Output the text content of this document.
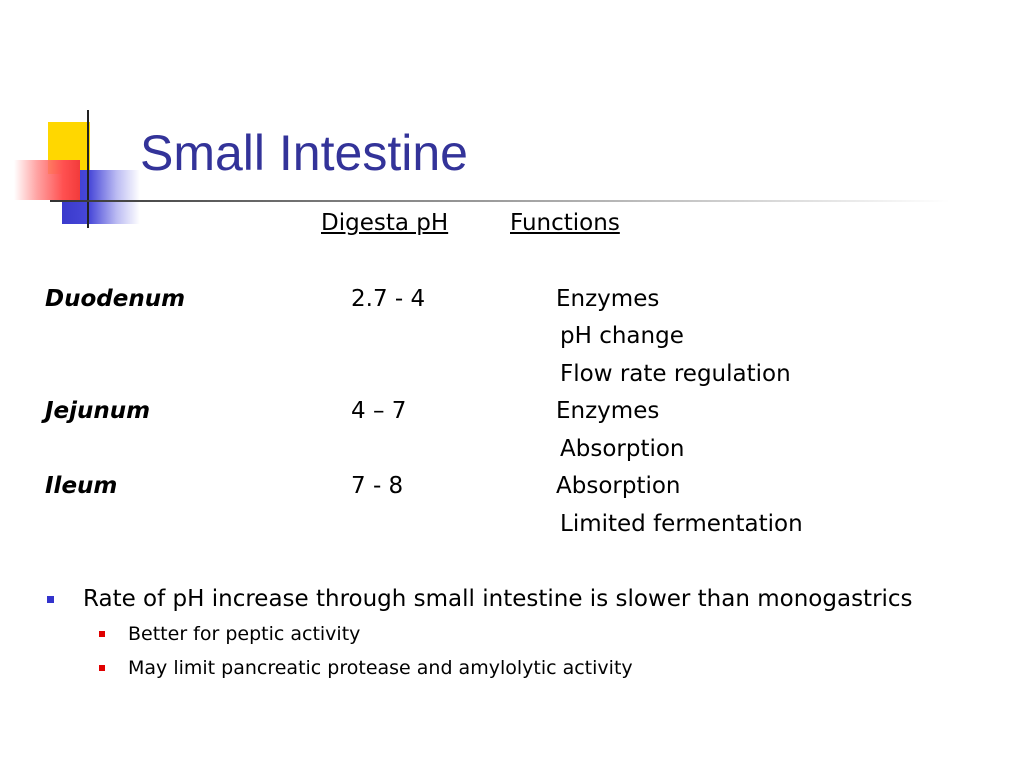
Small Intestine
Digesta pH	Functions
Duodenum	2.7 - 4	Enzymes
pH change
Flow rate regulation
Jejunum	4 – 7	Enzymes
Absorption
Ileum	7 - 8	Absorption
Limited fermentation
Rate of pH increase through small intestine is slower than monogastrics
Better for peptic activity
May limit pancreatic protease and amylolytic activity
